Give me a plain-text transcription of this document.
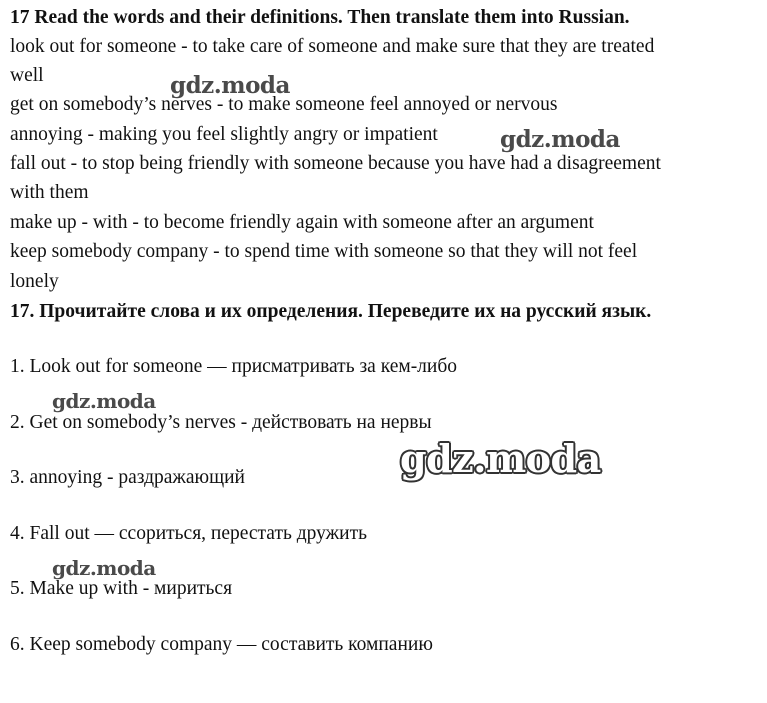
17 Read the words and their definitions. Then translate them into Russian.
look out for someone - to take care of someone and make sure that they are treated
well
get on somebody’s nerves - to make someone feel annoyed or nervous
annoying - making you feel slightly angry or impatient
fall out - to stop being friendly with someone because you have had a disagreement
with them
make up - with - to become friendly again with someone after an argument
keep somebody company - to spend time with someone so that they will not feel
lonely
17. Прочитайте слова и их определения. Переведите их на русский язык.
1. Look out for someone — присматривать за кем-либо
2. Get on somebody’s nerves - действовать на нервы
3. annoying - раздражающий
4. Fall out — ссориться, перестать дружить
5. Make up with - мириться
6. Keep somebody company — составить компанию
gdz.moda
gdz.moda
gdz.moda
gdz.moda
gdz.moda
